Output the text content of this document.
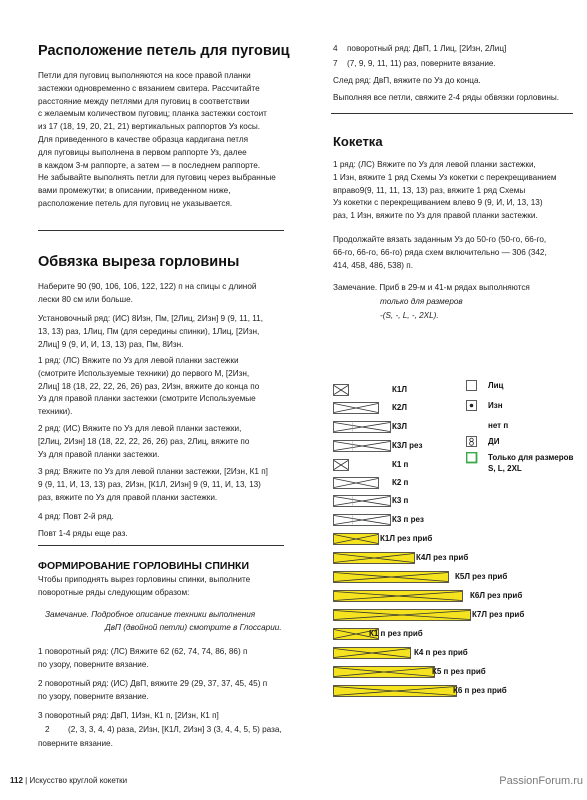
Расположение петель для пуговиц
Петли для пуговиц выполняются на косе правой планки
застежки одновременно с вязанием свитера. Рассчитайте
расстояние между петлями для пуговиц в соответствии
с желаемым количеством пуговиц; планка застежки состоит
из 17 (18, 19, 20, 21, 21) вертикальных раппортов Уз косы.
Для приведенного в качестве образца кардигана петля
для пуговицы выполнена в первом раппорте Уз, далее
в каждом 3-м раппорте, а затем — в последнем раппорте.
Не забывайте выполнять петли для пуговиц через выбранные
вами промежутки; в описании, приведенном ниже,
расположение петель для пуговиц не указывается.
Обвязка выреза горловины
Наберите 90 (90, 106, 106, 122, 122) п на спицы с длиной
лески 80 см или больше.
Установочный ряд: (ИС) 8Изн, Пм, [2Лиц, 2Изн] 9 (9, 11, 11,
13, 13) раз, 1Лиц, Пм (для середины спинки), 1Лиц, [2Изн,
2Лиц] 9 (9, И, И, 13, 13) раз, Пм, 8Изн.
1 ряд: (ЛС) Вяжите по Уз для левой планки застежки
(смотрите Используемые техники) до первого М, [2Изн,
2Лиц] 18 (18, 22, 22, 26, 26) раз, 2Изн, вяжите до конца по
Уз для правой планки застежки (смотрите Используемые
техники).
2 ряд: (ИС) Вяжите по Уз для левой планки застежки,
[2Лиц, 2Изн] 18 (18, 22, 22, 26, 26) раз, 2Лиц, вяжите по
Уз для правой планки застежки.
3 ряд: Вяжите по Уз для левой планки застежки, [2Изн, К1 п]
9 (9, 11, И, 13, 13) раз, 2Изн, [К1Л, 2Изн] 9 (9, 11, И, 13, 13)
раз, вяжите по Уз для правой планки застежки.
4 ряд: Повт 2-й ряд.
Повт 1-4 ряды еще раз.
ФОРМИРОВАНИЕ ГОРЛОВИНЫ СПИНКИ
Чтобы приподнять вырез горловины спинки, выполните
поворотные ряды следующим образом:
Замечание. Подробное описание техники выполнения
ДвП (двойной петли) смотрите в Глоссарии.
1 поворотный ряд: (ЛС) Вяжите 62 (62, 74, 74, 86, 86) п
по узору, поверните вязание.
2 поворотный ряд: (ИС) ДвП, вяжите 29 (29, 37, 37, 45, 45) п
по узору, поверните вязание.
3 поворотный ряд: ДвП, 1Изн, К1 п, [2Изн, К1 п]
2 (2, 3, 3, 4, 4) раза, 2Изн, [К1Л, 2Изн] 3 (3, 4, 4, 5, 5) раза,
поверните вязание.
4 поворотный ряд: ДвП, 1 Лиц, [2Изн, 2Лиц]
7 (7, 9, 9, 11, 11) раз, поверните вязание.
След ряд: ДвП, вяжите по Уз до конца.
Выполняя все петли, свяжите 2-4 ряды обвязки горловины.
Кокетка
1 ряд: (ЛС) Вяжите по Уз для левой планки застежки,
1 Изн, вяжите 1 ряд Схемы Уз кокетки с перекрещиванием
вправо9(9, 11, 11, 13, 13) раз, вяжите 1 ряд Схемы
Уз кокетки с перекрещиванием влево 9 (9, И, И, 13, 13)
раз, 1 Изн, вяжите по Уз для правой планки застежки.
Продолжайте вязать заданным Уз до 50-го (50-го, 66-го,
66-го, 66-го, 66-го) ряда схем включительно — 306 (342,
414, 458, 486, 538) п.
Замечание. Приб в 29-м и 41-м рядах выполняются
только для размеров
-(S, -, L, -, 2XL).
К1Л
К2Л
К3Л
К3Л рез
К1 п
К2 п
К3 п
К3 п рез
К1Л рез приб
К4Л рез приб
К5Л рез приб
К6Л рез приб
К7Л рез приб
К1 п рез приб
К4 п рез приб
К5 п рез приб
К6 п рез приб
Лиц
Изн
нет п
ДИ
Только для размеров
S, L, 2XL
112 | Искусство круглой кокетки	PassionForum.ru
